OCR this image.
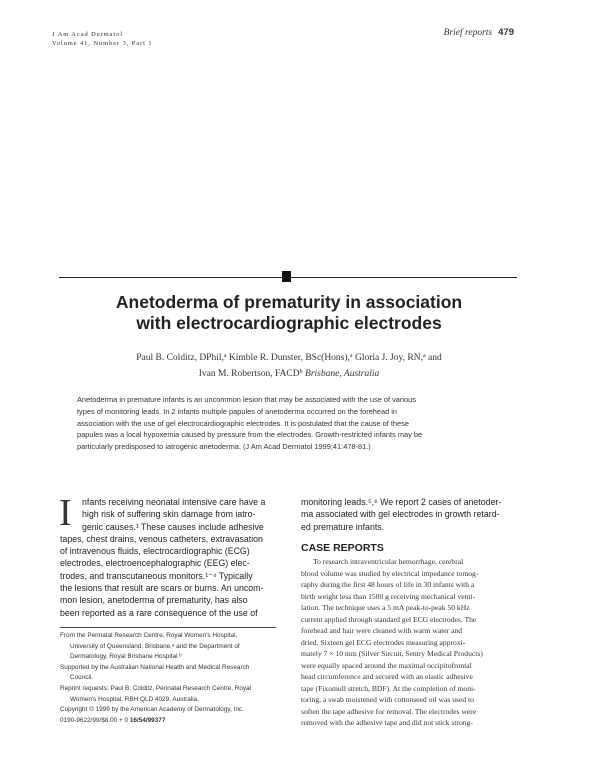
J Am Acad Dermatol
Volume 41, Number 3, Part 1
Brief reports 479
Anetoderma of prematurity in association
with electrocardiographic electrodes
Paul B. Colditz, DPhil,$^a$ Kimble R. Dunster, BSc(Hons),$^a$ Gloria J. Joy, RN,$^a$ and
Ivan M. Robertson, FACD$^b$ Brisbane, Australia
Anetoderma in premature infants is an uncommon lesion that may be associated with the use of various
types of monitoring leads. In 2 infants multiple papules of anetoderma occurred on the forehead in
association with the use of gel electrocardiographic electrodes. It is postulated that the cause of these
papules was a local hypoxemia caused by pressure from the electrodes. Growth-restricted infants may be
particularly predisposed to iatrogenic anetoderma. (J Am Acad Dermatol 1999;41:478-81.)
I	nfants receiving neonatal intensive care have a
high risk of suffering skin damage from iatro-
genic causes.¹ These causes include adhesive
tapes, chest drains, venous catheters, extravasation
of intravenous fluids, electrocardiographic (ECG)
electrodes, electroencephalographic (EEG) elec-
trodes, and transcutaneous monitors.¹⁻⁴ Typically
the lesions that result are scars or burns. An uncom-
mon lesion, anetoderma of prematurity, has also
been reported as a rare consequence of the use of
monitoring leads.⁵,⁶ We report 2 cases of anetoder-
ma associated with gel electrodes in growth retard-
ed premature infants.
CASE REPORTS
To research intraventricular hemorrhage, cerebral
blood volume was studied by electrical impedance tomog-
raphy during the first 48 hours of life in 30 infants with a
birth weight less than 1500 g receiving mechanical venti-
lation. The technique uses a 5 mA peak-to-peak 50 kHz
current applied through standard gel ECG electrodes. The
forehead and hair were cleaned with warm water and
dried. Sixteen gel ECG electrodes measuring approxi-
mately 7 × 10 mm (Silver Sircuit, Sentry Medical Products)
were equally spaced around the maximal occipitofrontal
head circumference and secured with an elastic adhesive
tape (Fixomull stretch, BDF). At the completion of moni-
toring, a swab moistened with cottonseed oil was used to
soften the tape adhesive for removal. The electrodes were
removed with the adhesive tape and did not stick strong-
From the Perinatal Research Centre, Royal Women's Hospital,
University of Queensland, Brisbane,ᵃ and the Department of
Dermatology, Royal Brisbane Hospital.ᵇ
Supported by the Australian National Health and Medical Research
Council.
Reprint requests: Paul B. Colditz, Perinatal Research Centre, Royal
Women's Hospital, RBH QLD 4029, Australia.
Copyright © 1999 by the American Academy of Dermatology, Inc.
0190-9622/99/$8.00 + 0 16/54/99377
